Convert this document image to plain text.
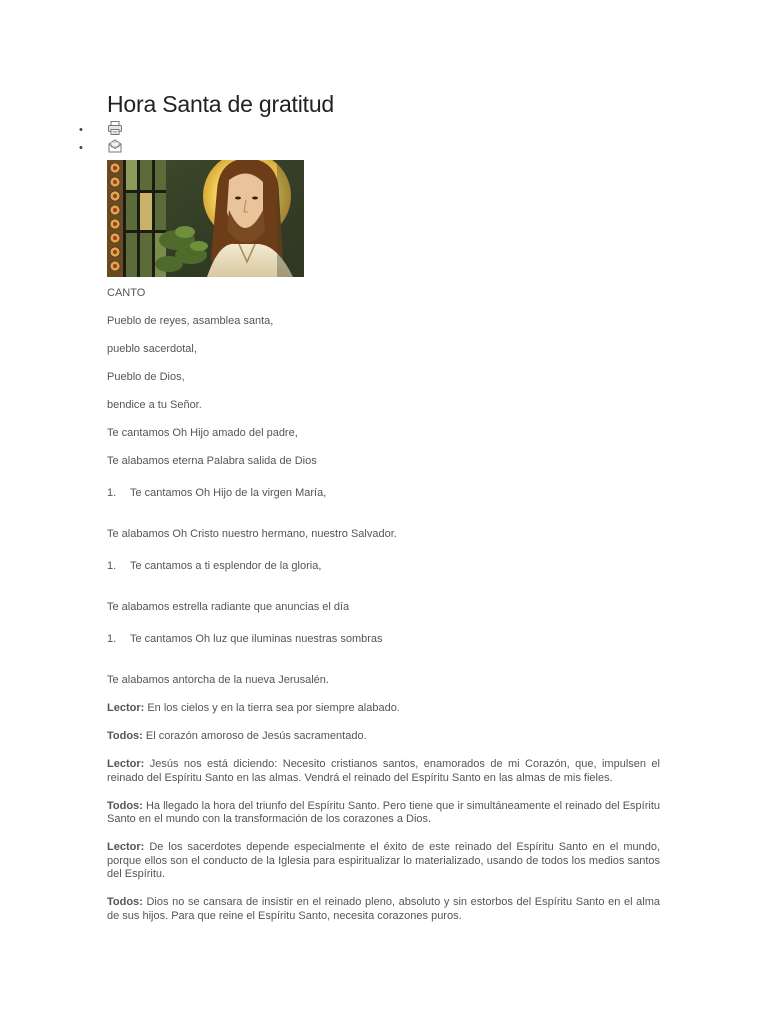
Hora Santa de gratitud
•
•

CANTO

Pueblo de reyes, asamblea santa,

pueblo sacerdotal,

Pueblo de Dios,

bendice a tu Señor.

Te cantamos Oh Hijo amado del padre,

Te alabamos eterna Palabra salida de Dios

1. Te cantamos Oh Hijo de la virgen María,

Te alabamos Oh Cristo nuestro hermano, nuestro Salvador.

1. Te cantamos a ti esplendor de la gloria,

Te alabamos estrella radiante que anuncias el día

1. Te cantamos Oh luz que iluminas nuestras sombras

Te alabamos antorcha de la nueva Jerusalén.

Lector: En los cielos y en la tierra sea por siempre alabado.

Todos: El corazón amoroso de Jesús sacramentado.

Lector: Jesús nos está diciendo: Necesito cristianos santos, enamorados de mi Corazón, que, impulsen el reinado del Espíritu Santo en las almas. Vendrá el reinado del Espíritu Santo en las almas de mis fieles.

Todos: Ha llegado la hora del triunfo del Espíritu Santo. Pero tiene que ir simultáneamente el reinado del Espíritu Santo en el mundo con la transformación de los corazones a Dios.

Lector: De los sacerdotes depende especialmente el éxito de este reinado del Espíritu Santo en el mundo, porque ellos son el conducto de la Iglesia para espiritualizar lo materializado, usando de todos los medios santos del Espíritu.

Todos: Dios no se cansara de insistir en el reinado pleno, absoluto y sin estorbos del Espíritu Santo en el alma de sus hijos. Para que reine el Espíritu Santo, necesita corazones puros.
